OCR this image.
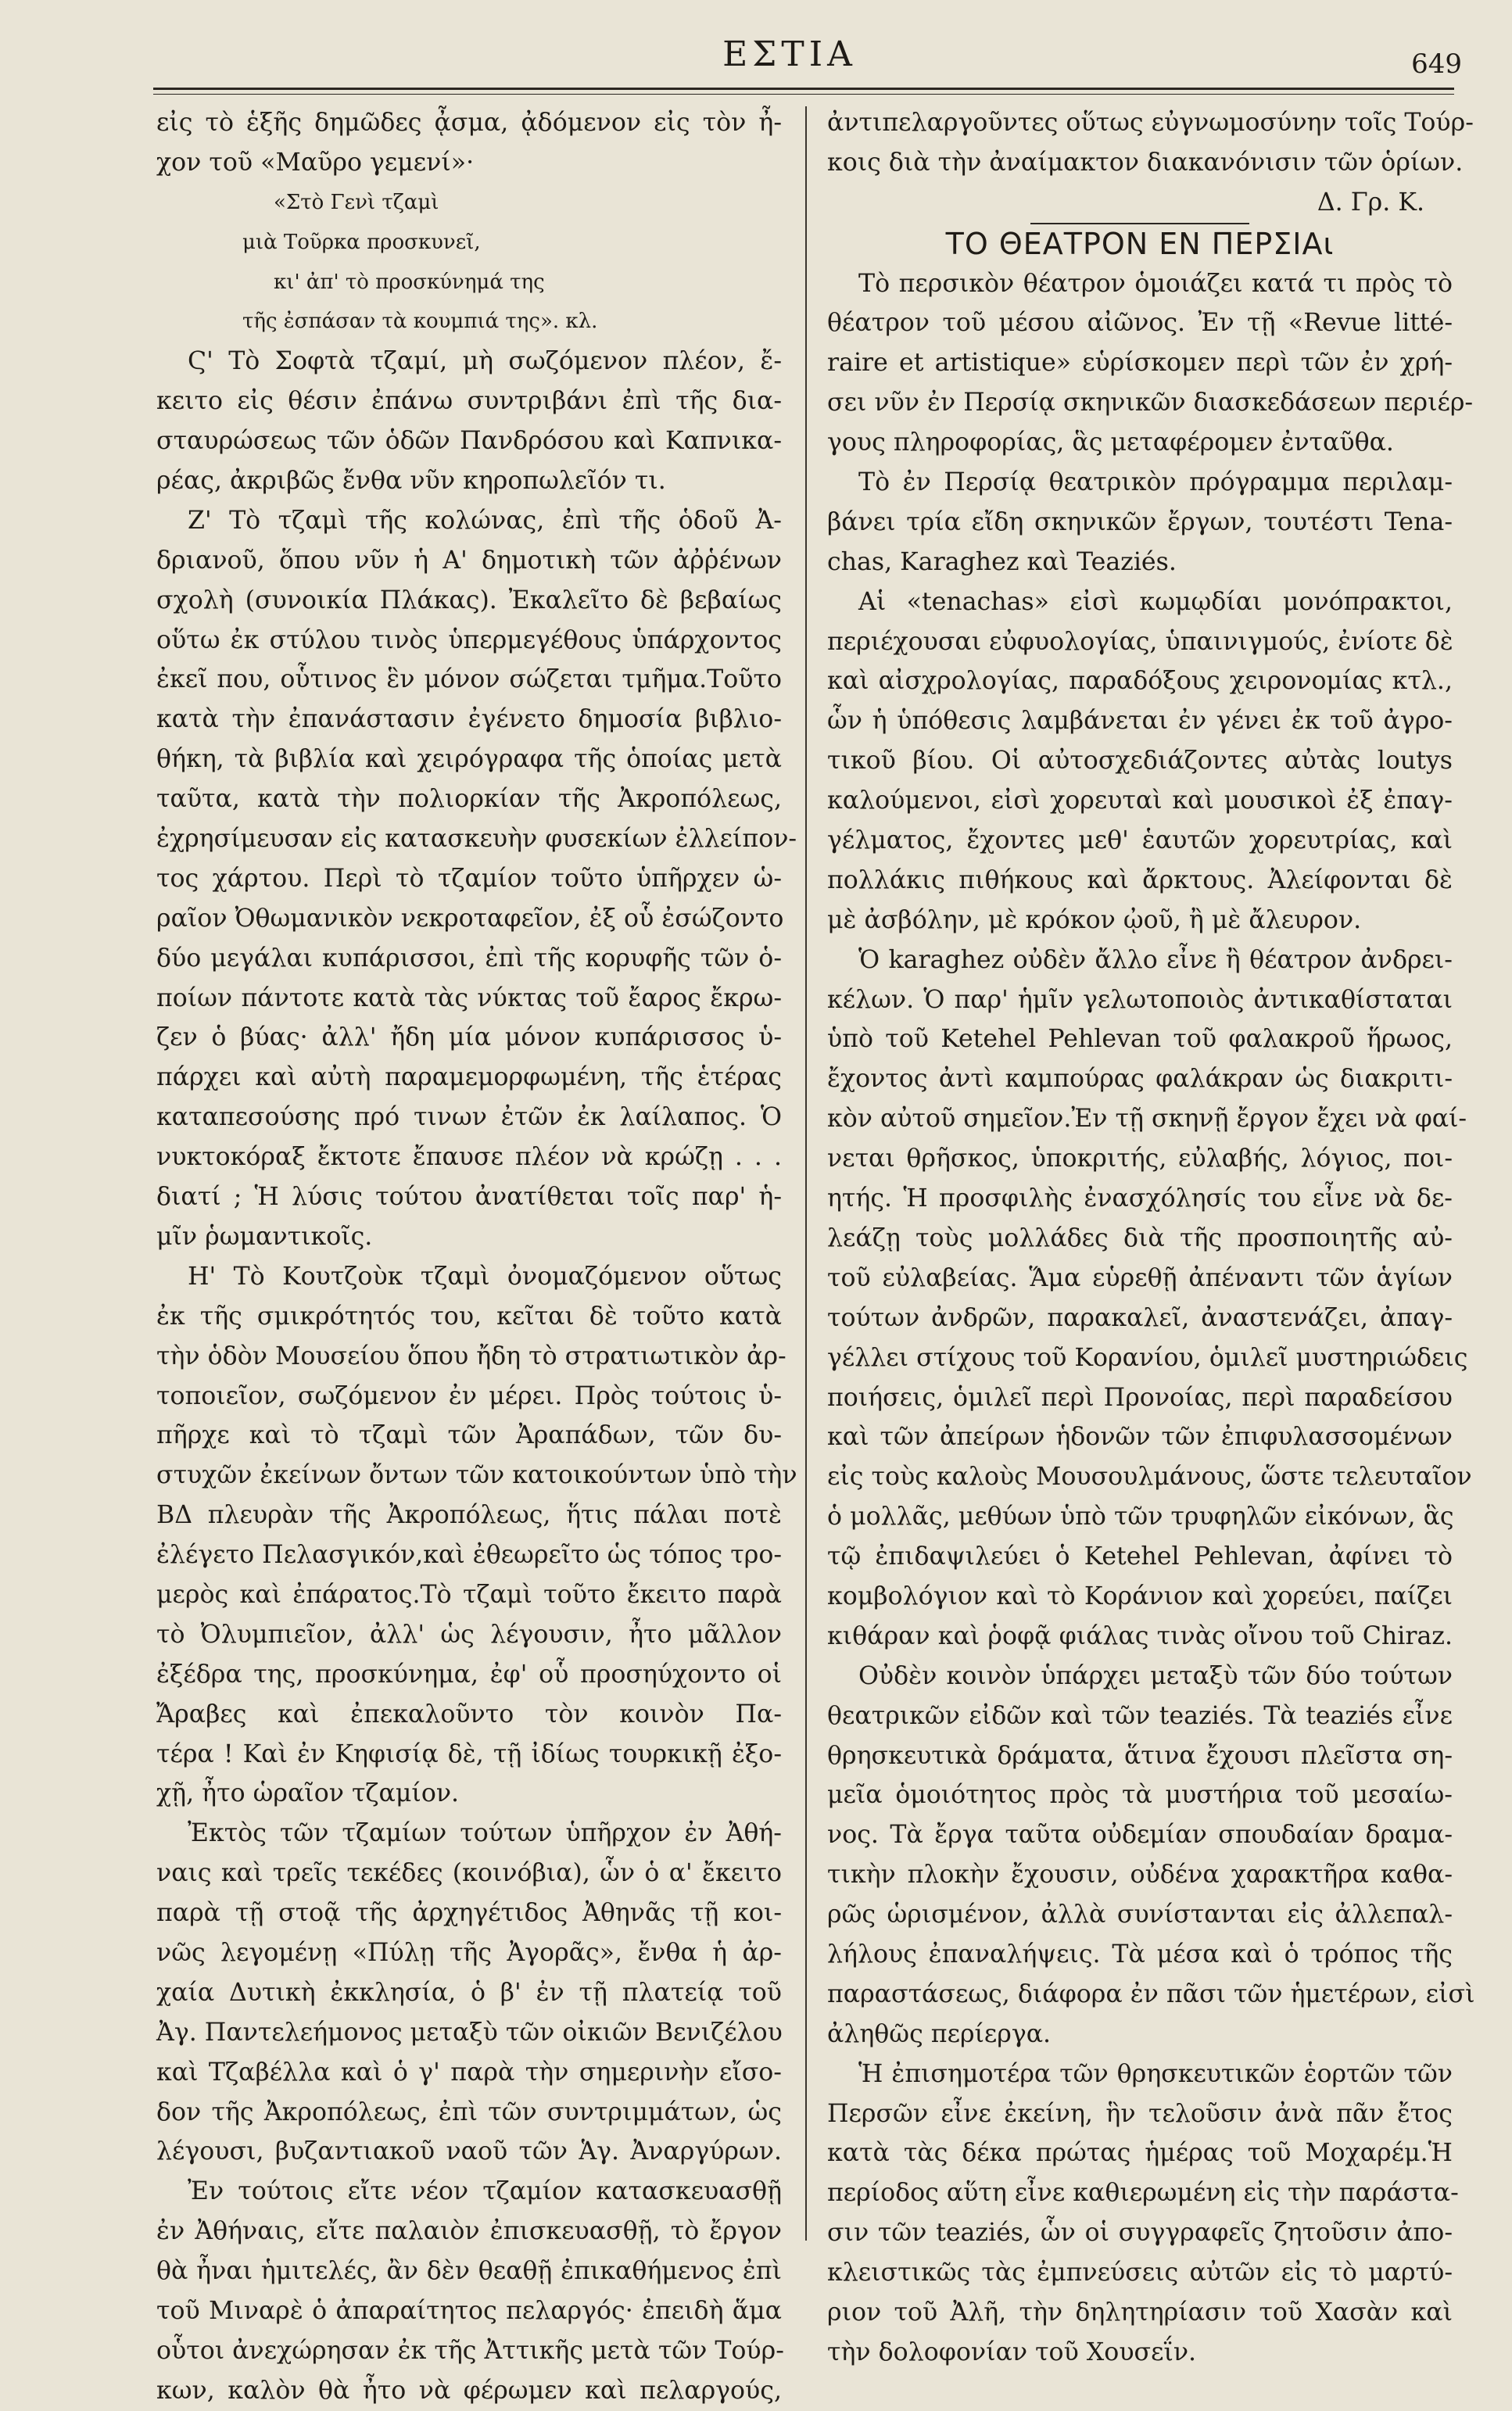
ΕΣΤΙΑ	649
εἰς τὸ ἑξῆς δημῶδες ᾆσμα, ᾀδόμενον εἰς τὸν ἦ-
χον τοῦ «Μαῦρο γεμενί»·
«Στὸ Γενὶ τζαμὶ
μιὰ Τοῦρκα προσκυνεῖ,
κι' ἀπ' τὸ προσκύνημά της
τῆς ἐσπάσαν τὰ κουμπιά της». κλ.
Ϛ' Τὸ Σοφτὰ τζαμί, μὴ σωζόμενον πλέον, ἔ-
κειτο εἰς θέσιν ἐπάνω συντριβάνι ἐπὶ τῆς δια-
σταυρώσεως τῶν ὁδῶν Πανδρόσου καὶ Καπνικα-
ρέας, ἀκριβῶς ἔνθα νῦν κηροπωλεῖόν τι.
Ζ' Τὸ τζαμὶ τῆς κολώνας, ἐπὶ τῆς ὁδοῦ Ἀ-
δριανοῦ, ὅπου νῦν ἡ Α' δημοτικὴ τῶν ἀῤῥένων
σχολὴ (συνοικία Πλάκας). Ἐκαλεῖτο δὲ βεβαίως
οὕτω ἐκ στύλου τινὸς ὑπερμεγέθους ὑπάρχοντος
ἐκεῖ που, οὗτινος ἓν μόνον σώζεται τμῆμα.Τοῦτο
κατὰ τὴν ἐπανάστασιν ἐγένετο δημοσία βιβλιο-
θήκη, τὰ βιβλία καὶ χειρόγραφα τῆς ὁποίας μετὰ
ταῦτα, κατὰ τὴν πολιορκίαν τῆς Ἀκροπόλεως,
ἐχρησίμευσαν εἰς κατασκευὴν φυσεκίων ἐλλείπον-
τος χάρτου. Περὶ τὸ τζαμίον τοῦτο ὑπῆρχεν ὡ-
ραῖον Ὀθωμανικὸν νεκροταφεῖον, ἐξ οὗ ἐσώζοντο
δύο μεγάλαι κυπάρισσοι, ἐπὶ τῆς κορυφῆς τῶν ὁ-
ποίων πάντοτε κατὰ τὰς νύκτας τοῦ ἔαρος ἔκρω-
ζεν ὁ βύας· ἀλλ' ἤδη μία μόνον κυπάρισσος ὑ-
πάρχει καὶ αὐτὴ παραμεμορφωμένη, τῆς ἑτέρας
καταπεσούσης πρό τινων ἐτῶν ἐκ λαίλαπος. Ὁ
νυκτοκόραξ ἔκτοτε ἔπαυσε πλέον νὰ κρώζῃ . . .
διατί ; Ἡ λύσις τούτου ἀνατίθεται τοῖς παρ' ἡ-
μῖν ῥωμαντικοῖς.
Η' Τὸ Κουτζοὺκ τζαμὶ ὀνομαζόμενον οὕτως
ἐκ τῆς σμικρότητός του, κεῖται δὲ τοῦτο κατὰ
τὴν ὁδὸν Μουσείου ὅπου ἤδη τὸ στρατιωτικὸν ἀρ-
τοποιεῖον, σωζόμενον ἐν μέρει. Πρὸς τούτοις ὑ-
πῆρχε καὶ τὸ τζαμὶ τῶν Ἀραπάδων, τῶν δυ-
στυχῶν ἐκείνων ὄντων τῶν κατοικούντων ὑπὸ τὴν
ΒΔ πλευρὰν τῆς Ἀκροπόλεως, ἥτις πάλαι ποτὲ
ἐλέγετο Πελασγικόν,καὶ ἐθεωρεῖτο ὡς τόπος τρο-
μερὸς καὶ ἐπάρατος.Τὸ τζαμὶ τοῦτο ἔκειτο παρὰ
τὸ Ὀλυμπιεῖον, ἀλλ' ὡς λέγουσιν, ἦτο μᾶλλον
ἐξέδρα της, προσκύνημα, ἐφ' οὗ προσηύχοντο οἱ
Ἄραβες καὶ ἐπεκαλοῦντο τὸν κοινὸν Πα-
τέρα ! Καὶ ἐν Κηφισίᾳ δὲ, τῇ ἰδίως τουρκικῇ ἐξο-
χῇ, ἦτο ὡραῖον τζαμίον.
Ἐκτὸς τῶν τζαμίων τούτων ὑπῆρχον ἐν Ἀθή-
ναις καὶ τρεῖς τεκέδες (κοινόβια), ὧν ὁ α' ἔκειτο
παρὰ τῇ στοᾷ τῆς ἀρχηγέτιδος Ἀθηνᾶς τῇ κοι-
νῶς λεγομένῃ «Πύλῃ τῆς Ἀγορᾶς», ἔνθα ἡ ἀρ-
χαία Δυτικὴ ἐκκλησία, ὁ β' ἐν τῇ πλατείᾳ τοῦ
Ἀγ. Παντελεήμονος μεταξὺ τῶν οἰκιῶν Βενιζέλου
καὶ Τζαβέλλα καὶ ὁ γ' παρὰ τὴν σημερινὴν εἴσο-
δον τῆς Ἀκροπόλεως, ἐπὶ τῶν συντριμμάτων, ὡς
λέγουσι, βυζαντιακοῦ ναοῦ τῶν Ἁγ. Ἀναργύρων.
Ἐν τούτοις εἴτε νέον τζαμίον κατασκευασθῇ
ἐν Ἀθήναις, εἴτε παλαιὸν ἐπισκευασθῇ, τὸ ἔργον
θὰ ἦναι ἡμιτελές, ἂν δὲν θεαθῇ ἐπικαθήμενος ἐπὶ
τοῦ Μιναρὲ ὁ ἀπαραίτητος πελαργός· ἐπειδὴ ἅμα
οὗτοι ἀνεχώρησαν ἐκ τῆς Ἀττικῆς μετὰ τῶν Τούρ-
κων, καλὸν θὰ ἦτο νὰ φέρωμεν καὶ πελαργούς,
ἀντιπελαργοῦντες οὕτως εὐγνωμοσύνην τοῖς Τούρ-
κοις διὰ τὴν ἀναίμακτον διακανόνισιν τῶν ὁρίων.
Δ. Γρ. Κ.
ΤΟ ΘΕΑΤΡΟΝ ΕΝ ΠΕΡΣΙΑι
Τὸ περσικὸν θέατρον ὁμοιάζει κατά τι πρὸς τὸ
θέατρον τοῦ μέσου αἰῶνος. Ἐν τῇ «Revue litté-
raire et artistique» εὑρίσκομεν περὶ τῶν ἐν χρή-
σει νῦν ἐν Περσίᾳ σκηνικῶν διασκεδάσεων περιέρ-
γους πληροφορίας, ἃς μεταφέρομεν ἐνταῦθα.
Τὸ ἐν Περσίᾳ θεατρικὸν πρόγραμμα περιλαμ-
βάνει τρία εἴδη σκηνικῶν ἔργων, τουτέστι Tena-
chas, Karaghez καὶ Teaziés.
Αἱ «tenachas» εἰσὶ κωμῳδίαι μονόπρακτοι,
περιέχουσαι εὐφυολογίας, ὑπαινιγμούς, ἐνίοτε δὲ
καὶ αἰσχρολογίας, παραδόξους χειρονομίας κτλ.,
ὧν ἡ ὑπόθεσις λαμβάνεται ἐν γένει ἐκ τοῦ ἀγρο-
τικοῦ βίου. Οἱ αὐτοσχεδιάζοντες αὐτὰς loutys
καλούμενοι, εἰσὶ χορευταὶ καὶ μουσικοὶ ἐξ ἐπαγ-
γέλματος, ἔχοντες μεθ' ἑαυτῶν χορευτρίας, καὶ
πολλάκις πιθήκους καὶ ἄρκτους. Ἀλείφονται δὲ
μὲ ἀσβόλην, μὲ κρόκον ᾠοῦ, ἢ μὲ ἄλευρον.
Ὁ karaghez οὐδὲν ἄλλο εἶνε ἢ θέατρον ἀνδρει-
κέλων. Ὁ παρ' ἡμῖν γελωτοποιὸς ἀντικαθίσταται
ὑπὸ τοῦ Ketehel Pehlevan τοῦ φαλακροῦ ἥρωος,
ἔχοντος ἀντὶ καμπούρας φαλάκραν ὡς διακριτι-
κὸν αὐτοῦ σημεῖον.Ἐν τῇ σκηνῇ ἔργον ἔχει νὰ φαί-
νεται θρῆσκος, ὑποκριτής, εὐλαβής, λόγιος, ποι-
ητής. Ἡ προσφιλὴς ἐνασχόλησίς του εἶνε νὰ δε-
λεάζῃ τοὺς μολλάδες διὰ τῆς προσποιητῆς αὐ-
τοῦ εὐλαβείας. Ἅμα εὑρεθῇ ἀπέναντι τῶν ἁγίων
τούτων ἀνδρῶν, παρακαλεῖ, ἀναστενάζει, ἀπαγ-
γέλλει στίχους τοῦ Κορανίου, ὁμιλεῖ μυστηριώδεις
ποιήσεις, ὁμιλεῖ περὶ Προνοίας, περὶ παραδείσου
καὶ τῶν ἀπείρων ἡδονῶν τῶν ἐπιφυλασσομένων
εἰς τοὺς καλοὺς Μουσουλμάνους, ὥστε τελευταῖον
ὁ μολλᾶς, μεθύων ὑπὸ τῶν τρυφηλῶν εἰκόνων, ἃς
τῷ ἐπιδαψιλεύει ὁ Ketehel Pehlevan, ἀφίνει τὸ
κομβολόγιον καὶ τὸ Κοράνιον καὶ χορεύει, παίζει
κιθάραν καὶ ῥοφᾷ φιάλας τινὰς οἴνου τοῦ Chiraz.
Οὐδὲν κοινὸν ὑπάρχει μεταξὺ τῶν δύο τούτων
θεατρικῶν εἰδῶν καὶ τῶν teaziés. Τὰ teaziés εἶνε
θρησκευτικὰ δράματα, ἅτινα ἔχουσι πλεῖστα ση-
μεῖα ὁμοιότητος πρὸς τὰ μυστήρια τοῦ μεσαίω-
νος. Τὰ ἔργα ταῦτα οὐδεμίαν σπουδαίαν δραμα-
τικὴν πλοκὴν ἔχουσιν, οὐδένα χαρακτῆρα καθα-
ρῶς ὡρισμένον, ἀλλὰ συνίστανται εἰς ἀλλεπαλ-
λήλους ἐπαναλήψεις. Τὰ μέσα καὶ ὁ τρόπος τῆς
παραστάσεως, διάφορα ἐν πᾶσι τῶν ἡμετέρων, εἰσὶ
ἀληθῶς περίεργα.
Ἡ ἐπισημοτέρα τῶν θρησκευτικῶν ἑορτῶν τῶν
Περσῶν εἶνε ἐκείνη, ἣν τελοῦσιν ἀνὰ πᾶν ἔτος
κατὰ τὰς δέκα πρώτας ἡμέρας τοῦ Μοχαρέμ.Ἡ
περίοδος αὕτη εἶνε καθιερωμένη εἰς τὴν παράστα-
σιν τῶν teaziés, ὧν οἱ συγγραφεῖς ζητοῦσιν ἀπο-
κλειστικῶς τὰς ἐμπνεύσεις αὐτῶν εἰς τὸ μαρτύ-
ριον τοῦ Ἀλῆ, τὴν δηλητηρίασιν τοῦ Χασὰν καὶ
τὴν δολοφονίαν τοῦ Χουσεΐν.
